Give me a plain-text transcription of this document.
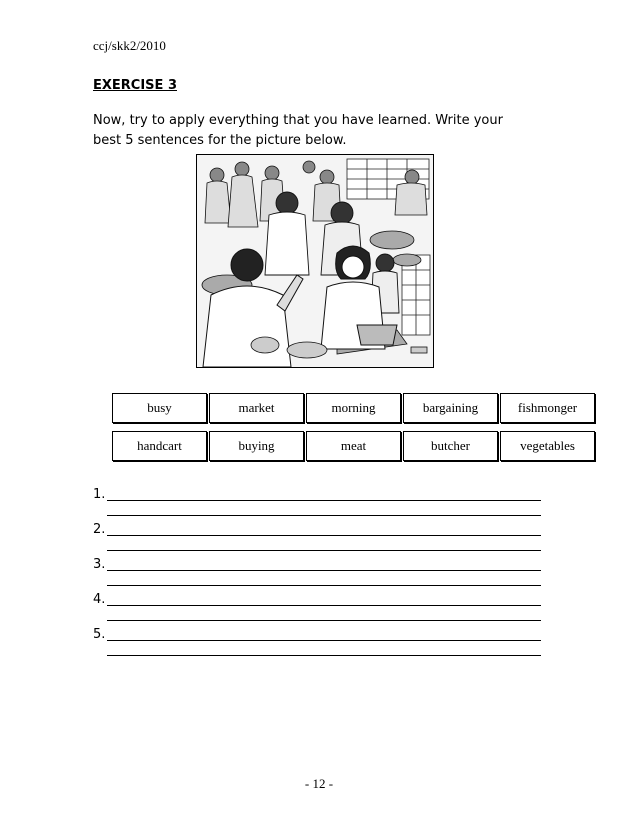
ccj/skk2/2010
EXERCISE 3
Now, try to apply everything that you have learned. Write your best 5 sentences for the picture below.
busy	market	morning	bargaining	fishmonger
handcart	buying	meat	butcher	vegetables
1.
2.
3.
4.
5.
- 12 -
